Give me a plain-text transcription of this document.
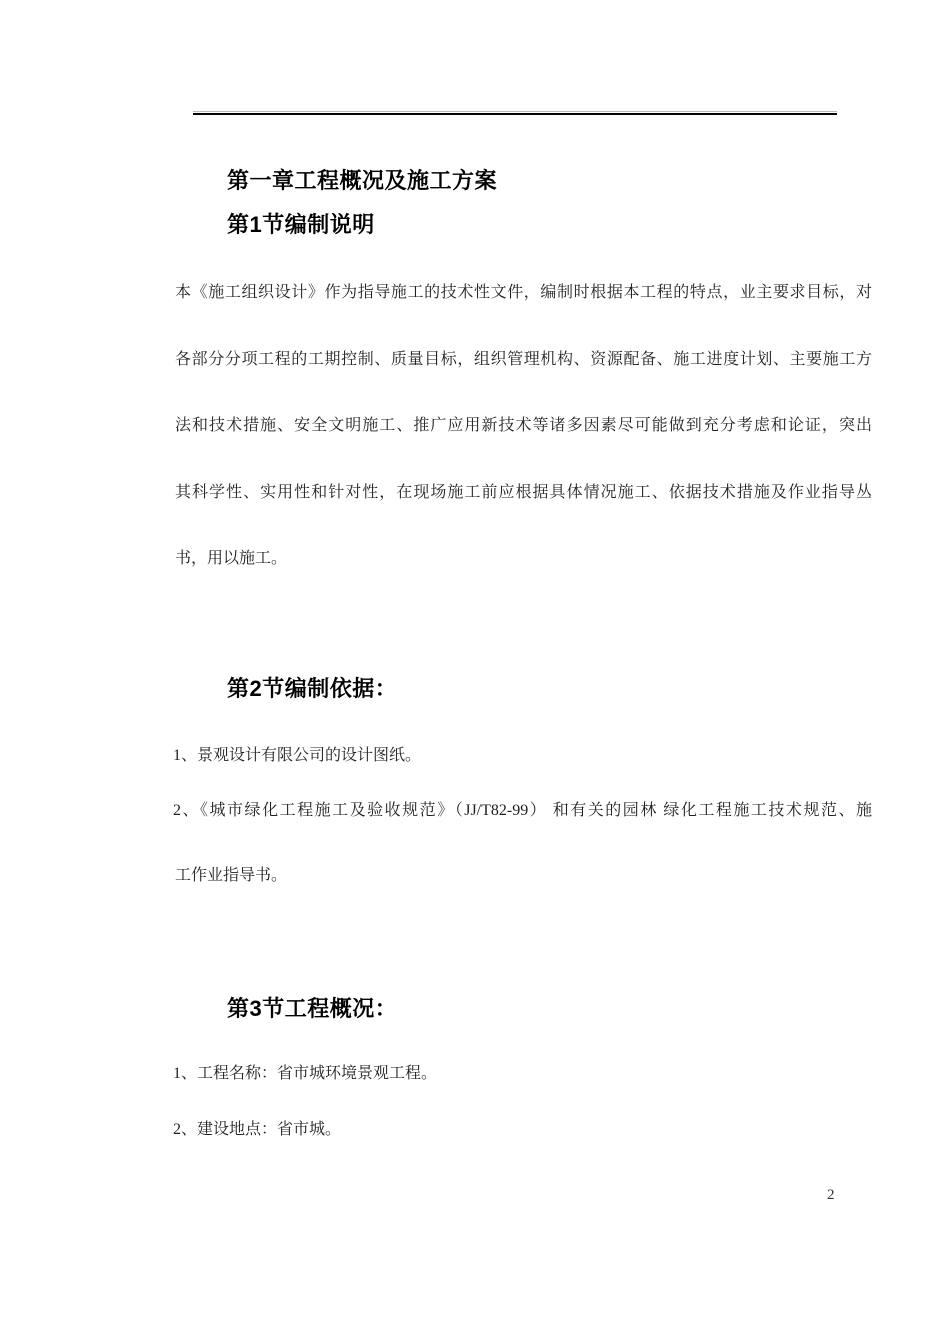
第一章工程概况及施工方案
第1节编制说明
本《施工组织设计》作为指导施工的技术性文件，编制时根据本工程的特点，业主要求目标，对
各部分分项工程的工期控制、质量目标，组织管理机构、资源配备、施工进度计划、主要施工方
法和技术措施、安全文明施工、推广应用新技术等诸多因素尽可能做到充分考虑和论证，突出
其科学性、实用性和针对性，在现场施工前应根据具体情况施工、依据技术措施及作业指导丛
书，用以施工。
第2节编制依据：
1、景观设计有限公司的设计图纸。
2、《城市绿化工程施工及验收规范》（JJ/T82-99） 和有关的园林 绿化工程施工技术规范、施
工作业指导书。
第3节工程概况：
1、工程名称：省市城环境景观工程。
2、建设地点：省市城。
2
